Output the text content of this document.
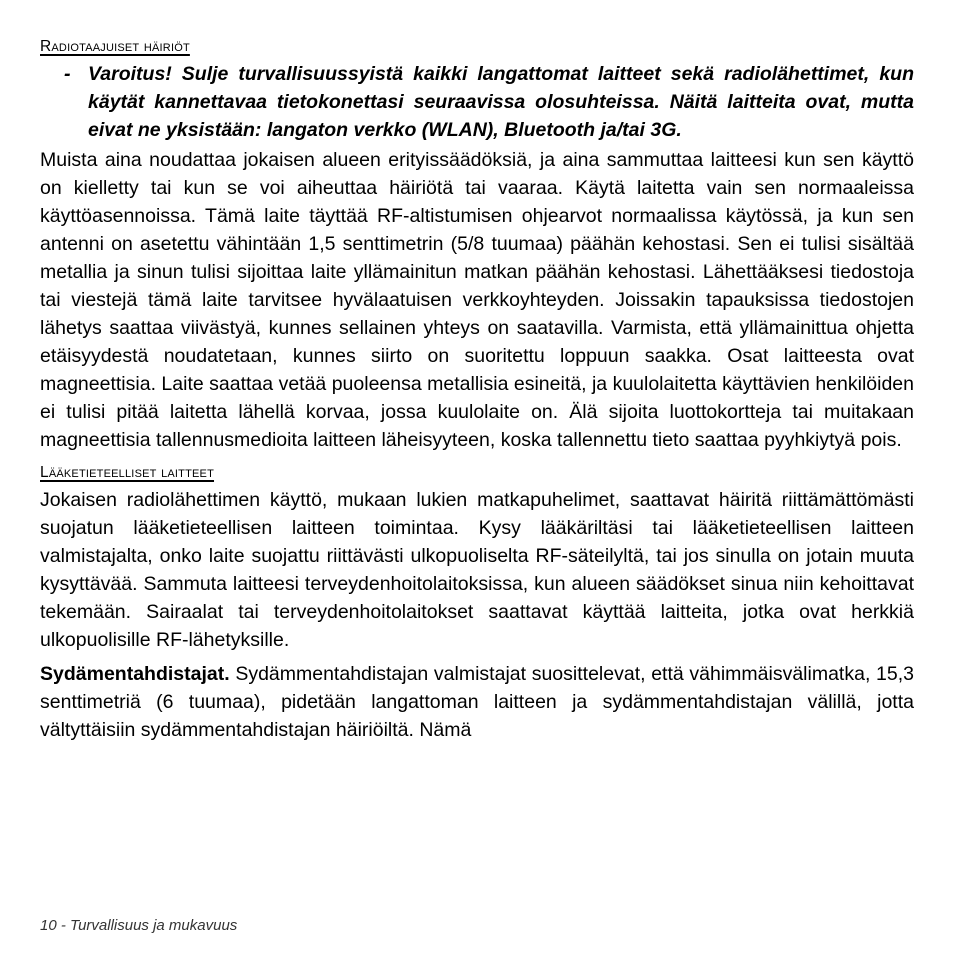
Radiotaajuiset häiriöt
- Varoitus! Sulje turvallisuussyistä kaikki langattomat laitteet sekä radiolähettimet, kun käytät kannettavaa tietokonettasi seuraavissa olosuhteissa. Näitä laitteita ovat, mutta eivat ne yksistään: langaton verkko (WLAN), Bluetooth ja/tai 3G.

Muista aina noudattaa jokaisen alueen erityissäädöksiä, ja aina sammuttaa laitteesi kun sen käyttö on kielletty tai kun se voi aiheuttaa häiriötä tai vaaraa. Käytä laitetta vain sen normaaleissa käyttöasennoissa. Tämä laite täyttää RF-altistumisen ohjearvot normaalissa käytössä, ja kun sen antenni on asetettu vähintään 1,5 senttimetrin (5/8 tuumaa) päähän kehostasi. Sen ei tulisi sisältää metallia ja sinun tulisi sijoittaa laite yllämainitun matkan päähän kehostasi. Lähettääksesi tiedostoja tai viestejä tämä laite tarvitsee hyvälaatuisen verkkoyhteyden. Joissakin tapauksissa tiedostojen lähetys saattaa viivästyä, kunnes sellainen yhteys on saatavilla. Varmista, että yllämainittua ohjetta etäisyydestä noudatetaan, kunnes siirto on suoritettu loppuun saakka. Osat laitteesta ovat magneettisia. Laite saattaa vetää puoleensa metallisia esineitä, ja kuulolaitetta käyttävien henkilöiden ei tulisi pitää laitetta lähellä korvaa, jossa kuulolaite on. Älä sijoita luottokortteja tai muitakaan magneettisia tallennusmedioita laitteen läheisyyteen, koska tallennettu tieto saattaa pyyhkiytyä pois.

Lääketieteelliset laitteet

Jokaisen radiolähettimen käyttö, mukaan lukien matkapuhelimet, saattavat häiritä riittämättömästi suojatun lääketieteellisen laitteen toimintaa. Kysy lääkäriltäsi tai lääketieteellisen laitteen valmistajalta, onko laite suojattu riittävästi ulkopuoliselta RF-säteilyltä, tai jos sinulla on jotain muuta kysyttävää. Sammuta laitteesi terveydenhoitolaitoksissa, kun alueen säädökset sinua niin kehoittavat tekemään. Sairaalat tai terveydenhoitolaitokset saattavat käyttää laitteita, jotka ovat herkkiä ulkopuolisille RF-lähetyksille.

Sydämentahdistajat. Sydämmentahdistajan valmistajat suosittelevat, että vähimmäisvälimatka, 15,3 senttimetriä (6 tuumaa), pidetään langattoman laitteen ja sydämmentahdistajan välillä, jotta vältyttäisiin sydämmentahdistajan häiriöiltä. Nämä

10 - Turvallisuus ja mukavuus
